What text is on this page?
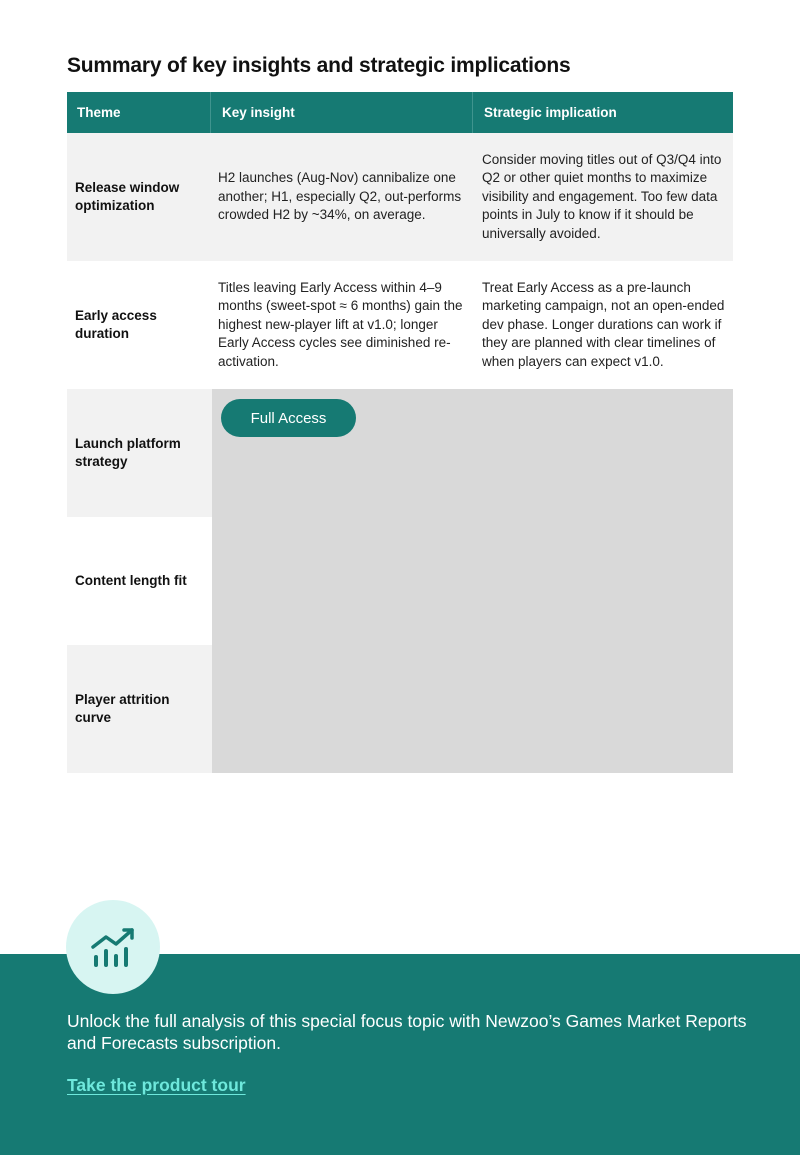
Summary of key insights and strategic implications
Theme	Key insight	Strategic implication
Release window optimization
H2 launches (Aug-Nov) cannibalize one another; H1, especially Q2, out-performs crowded H2 by ~34%, on average.
Consider moving titles out of Q3/Q4 into Q2 or other quiet months to maximize visibility and engagement. Too few data points in July to know if it should be universally avoided.
Early access duration
Titles leaving Early Access within 4–9 months (sweet-spot ≈ 6 months) gain the highest new-player lift at v1.0; longer Early Access cycles see diminished re-activation.
Treat Early Access as a pre-launch marketing campaign, not an open-ended dev phase. Longer durations can work if they are planned with clear timelines of when players can expect v1.0.
Launch platform strategy
Content length fit
Player attrition curve
Full Access
Unlock the full analysis of this special focus topic with Newzoo’s Games Market Reports and Forecasts subscription.
Take the product tour
